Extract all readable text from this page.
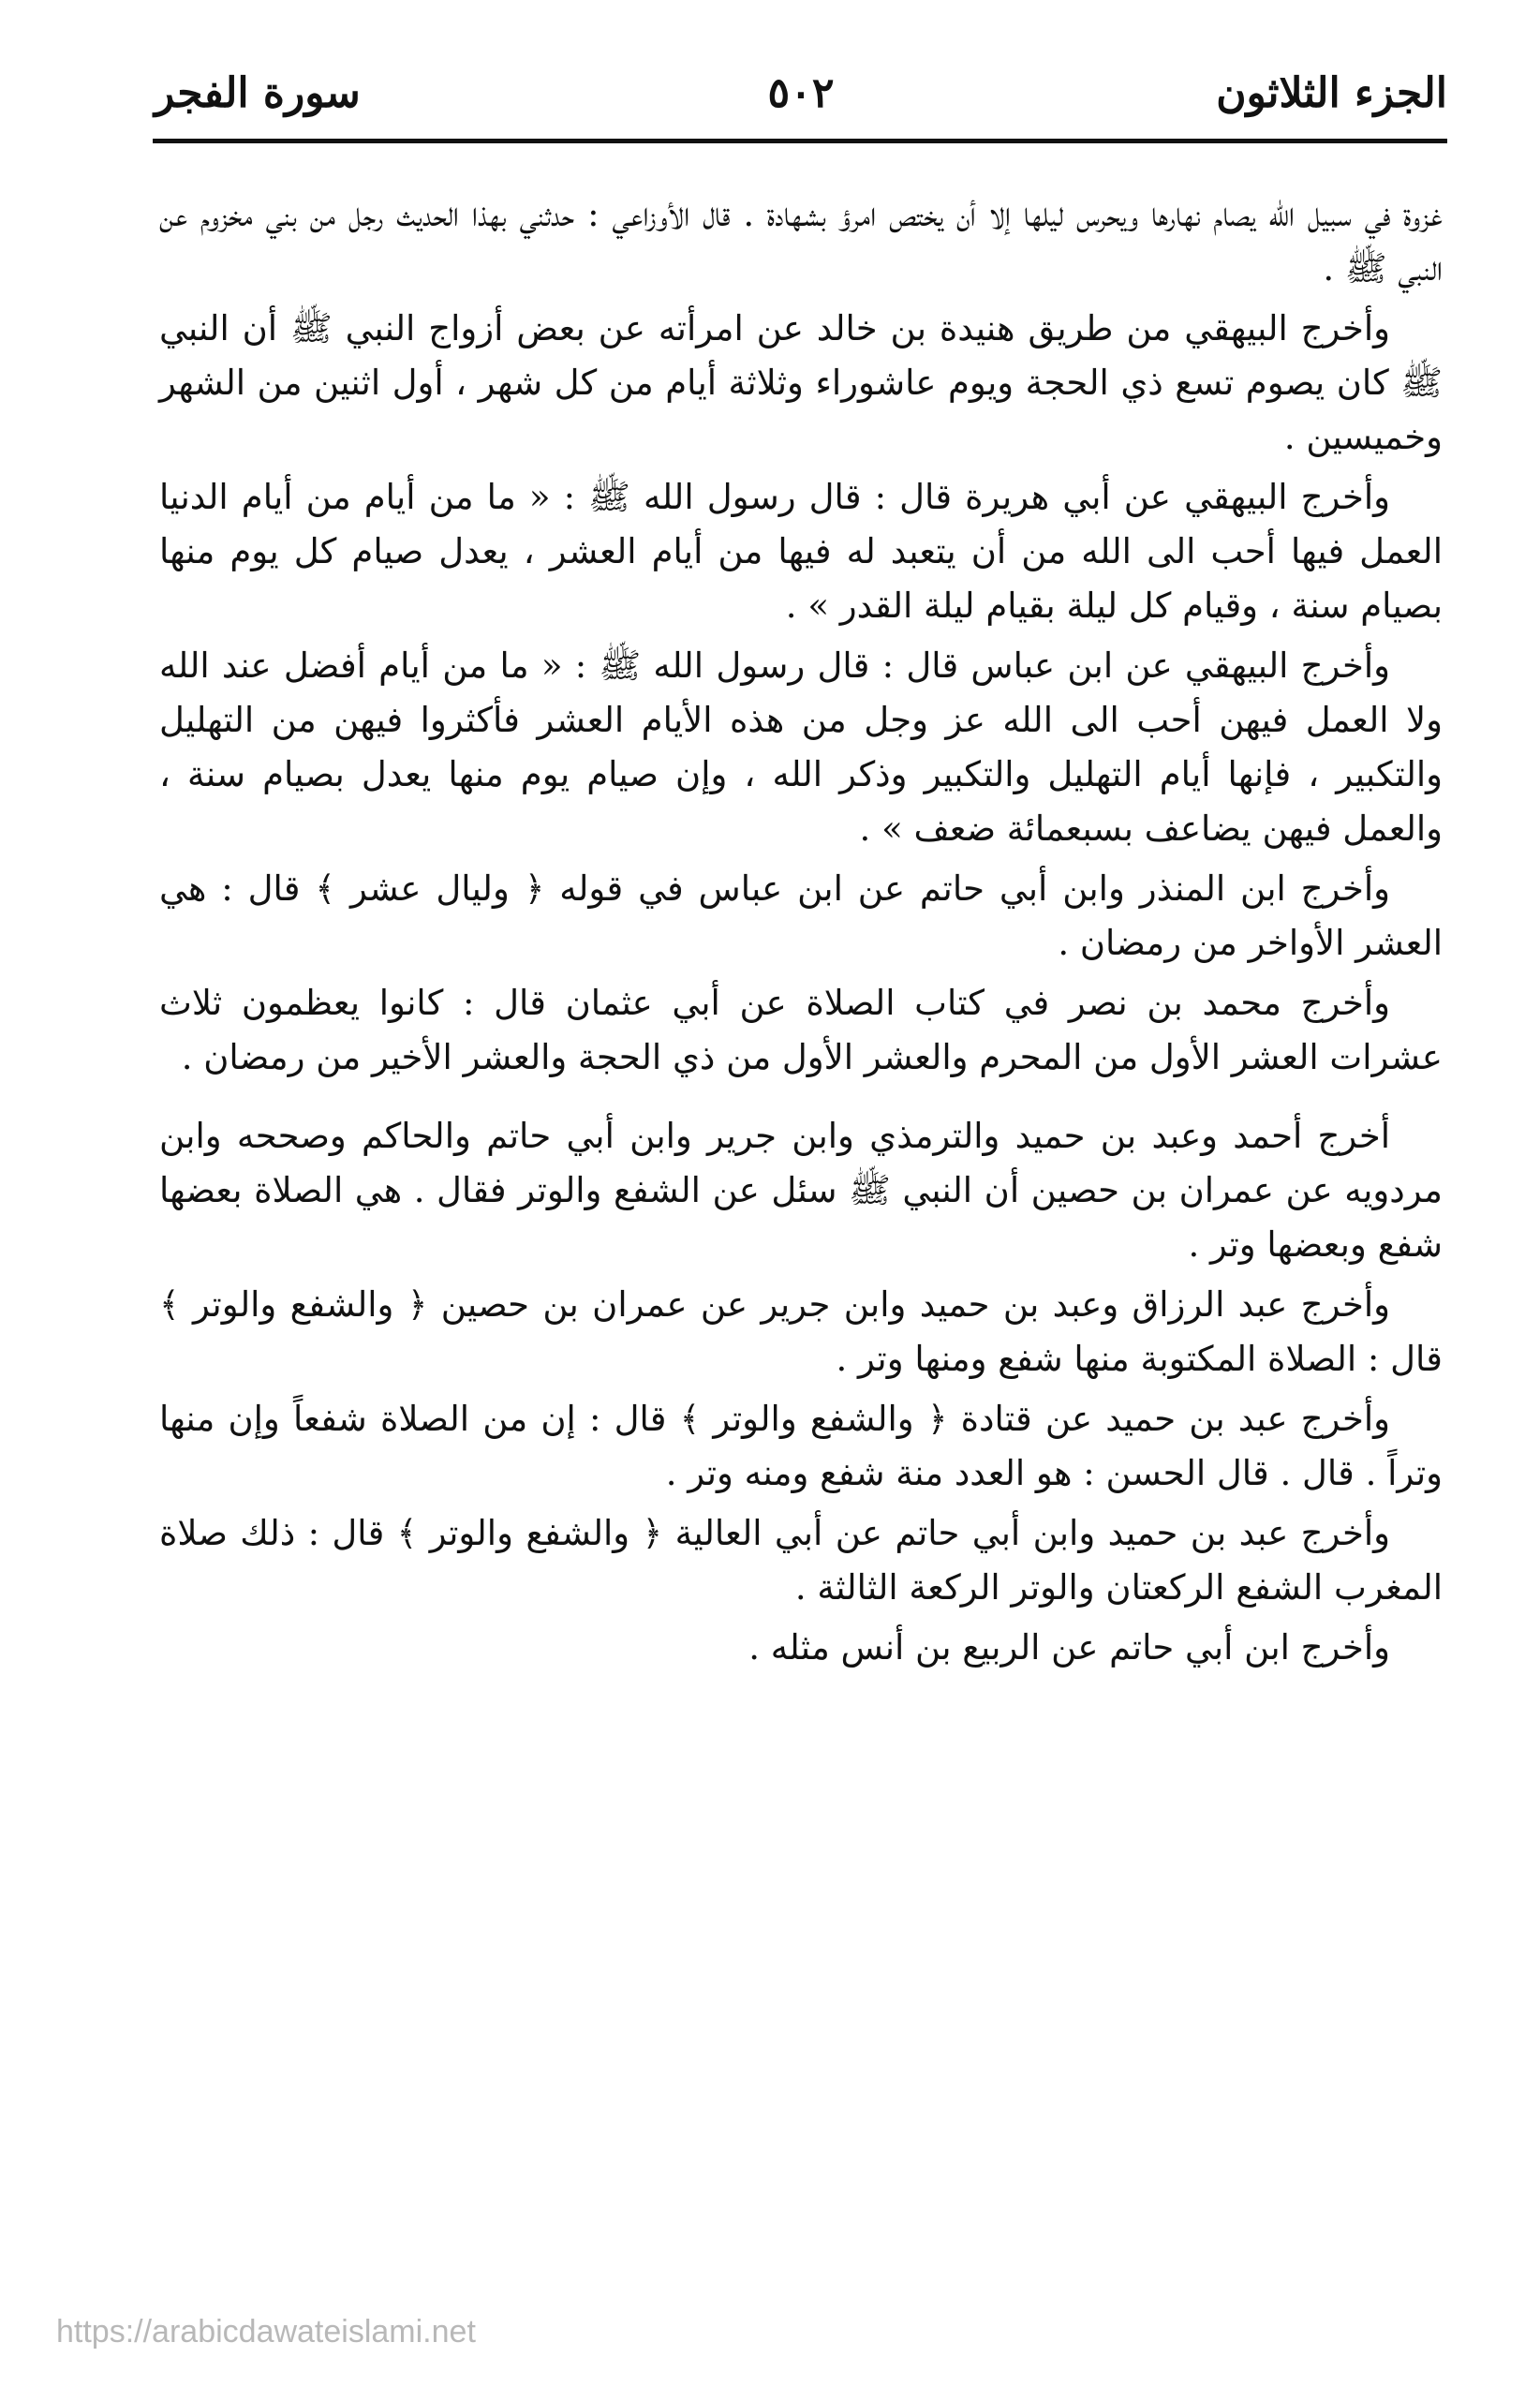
الجزء الثلاثون
٥٠٢
سورة الفجر

غزوة في سبيل الله يصام نهارها ويحرس ليلها إلا أن يختص امرؤ بشهادة . قال الأوزاعي : حدثني بهذا الحديث رجل من بني مخزوم عن النبي ﷺ .

وأخرج البيهقي من طريق هنيدة بن خالد عن امرأته عن بعض أزواج النبي ﷺ أن النبي ﷺ كان يصوم تسع ذي الحجة ويوم عاشوراء وثلاثة أيام من كل شهر ، أول اثنين من الشهر وخميسين .

وأخرج البيهقي عن أبي هريرة قال : قال رسول الله ﷺ : « ما من أيام من أيام الدنيا العمل فيها أحب الى الله من أن يتعبد له فيها من أيام العشر ، يعدل صيام كل يوم منها بصيام سنة ، وقيام كل ليلة بقيام ليلة القدر » .

وأخرج البيهقي عن ابن عباس قال : قال رسول الله ﷺ : « ما من أيام أفضل عند الله ولا العمل فيهن أحب الى الله عز وجل من هذه الأيام العشر فأكثروا فيهن من التهليل والتكبير ، فإنها أيام التهليل والتكبير وذكر الله ، وإن صيام يوم منها يعدل بصيام سنة ، والعمل فيهن يضاعف بسبعمائة ضعف » .

وأخرج ابن المنذر وابن أبي حاتم عن ابن عباس في قوله ﴿ وليال عشر ﴾ قال : هي العشر الأواخر من رمضان .

وأخرج محمد بن نصر في كتاب الصلاة عن أبي عثمان قال : كانوا يعظمون ثلاث عشرات العشر الأول من المحرم والعشر الأول من ذي الحجة والعشر الأخير من رمضان .

أخرج أحمد وعبد بن حميد والترمذي وابن جرير وابن أبي حاتم والحاكم وصححه وابن مردويه عن عمران بن حصين أن النبي ﷺ سئل عن الشفع والوتر فقال . هي الصلاة بعضها شفع وبعضها وتر .

وأخرج عبد الرزاق وعبد بن حميد وابن جرير عن عمران بن حصين ﴿ والشفع والوتر ﴾ قال : الصلاة المكتوبة منها شفع ومنها وتر .

وأخرج عبد بن حميد عن قتادة ﴿ والشفع والوتر ﴾ قال : إن من الصلاة شفعاً وإن منها وتراً . قال . قال الحسن : هو العدد منة شفع ومنه وتر .

وأخرج عبد بن حميد وابن أبي حاتم عن أبي العالية ﴿ والشفع والوتر ﴾ قال : ذلك صلاة المغرب الشفع الركعتان والوتر الركعة الثالثة .

وأخرج ابن أبي حاتم عن الربيع بن أنس مثله .

https://arabicdawateislami.net
